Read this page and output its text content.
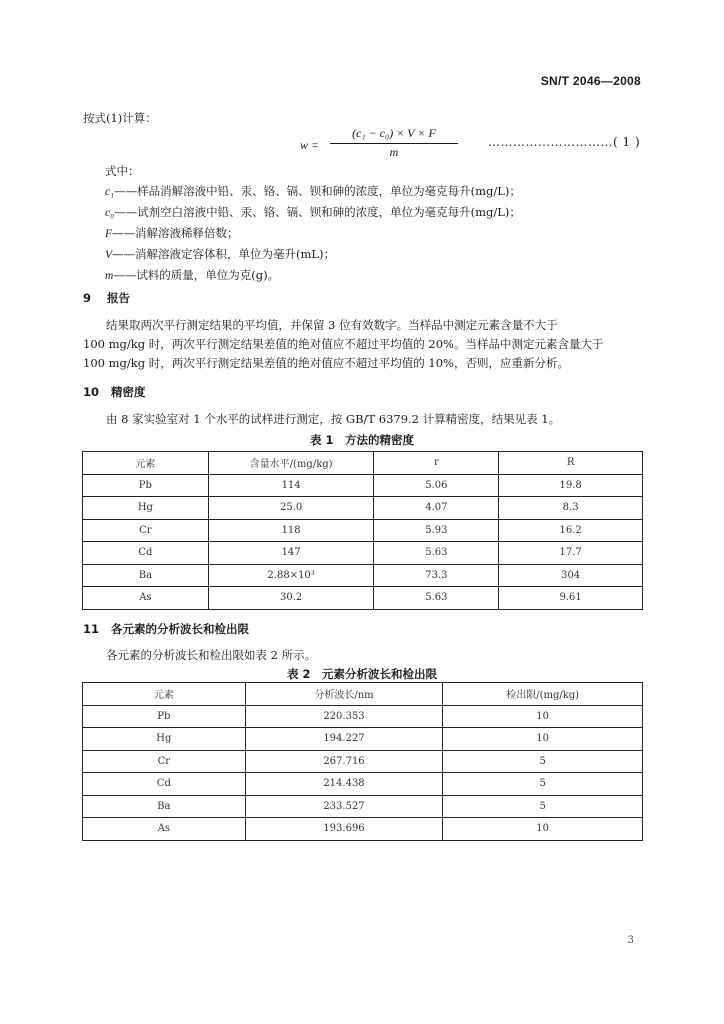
SN/T 2046—2008
按式(1)计算：
w =
(c₁ − c₀) × V × F
m
…………………………( 1 )
式中：
c₁——样品消解溶液中铅、汞、铬、镉、钡和砷的浓度，单位为毫克每升(mg/L)；
c₀——试剂空白溶液中铅、汞、铬、镉、钡和砷的浓度，单位为毫克每升(mg/L)；
F——消解溶液稀释倍数；
V——消解溶液定容体积，单位为毫升(mL)；
m——试料的质量，单位为克(g)。
9 报告
结果取两次平行测定结果的平均值，并保留 3 位有效数字。当样品中测定元素含量不大于
100 mg/kg 时，两次平行测定结果差值的绝对值应不超过平均值的 20%。当样品中测定元素含量大于
100 mg/kg 时，两次平行测定结果差值的绝对值应不超过平均值的 10%，否则，应重新分析。
10 精密度
由 8 家实验室对 1 个水平的试样进行测定，按 GB/T 6379.2 计算精密度，结果见表 1。
表 1　方法的精密度
元素	含量水平/(mg/kg)	r	R
Pb	114	5.06	19.8
Hg	25.0	4.07	8.3
Cr	118	5.93	16.2
Cd	147	5.63	17.7
Ba	2.88×10³	73.3	304
As	30.2	5.63	9.61
11 各元素的分析波长和检出限
各元素的分析波长和检出限如表 2 所示。
表 2　元素分析波长和检出限
元素	分析波长/nm	检出限/(mg/kg)
Pb	220.353	10
Hg	194.227	10
Cr	267.716	5
Cd	214.438	5
Ba	233.527	5
As	193.696	10
3
